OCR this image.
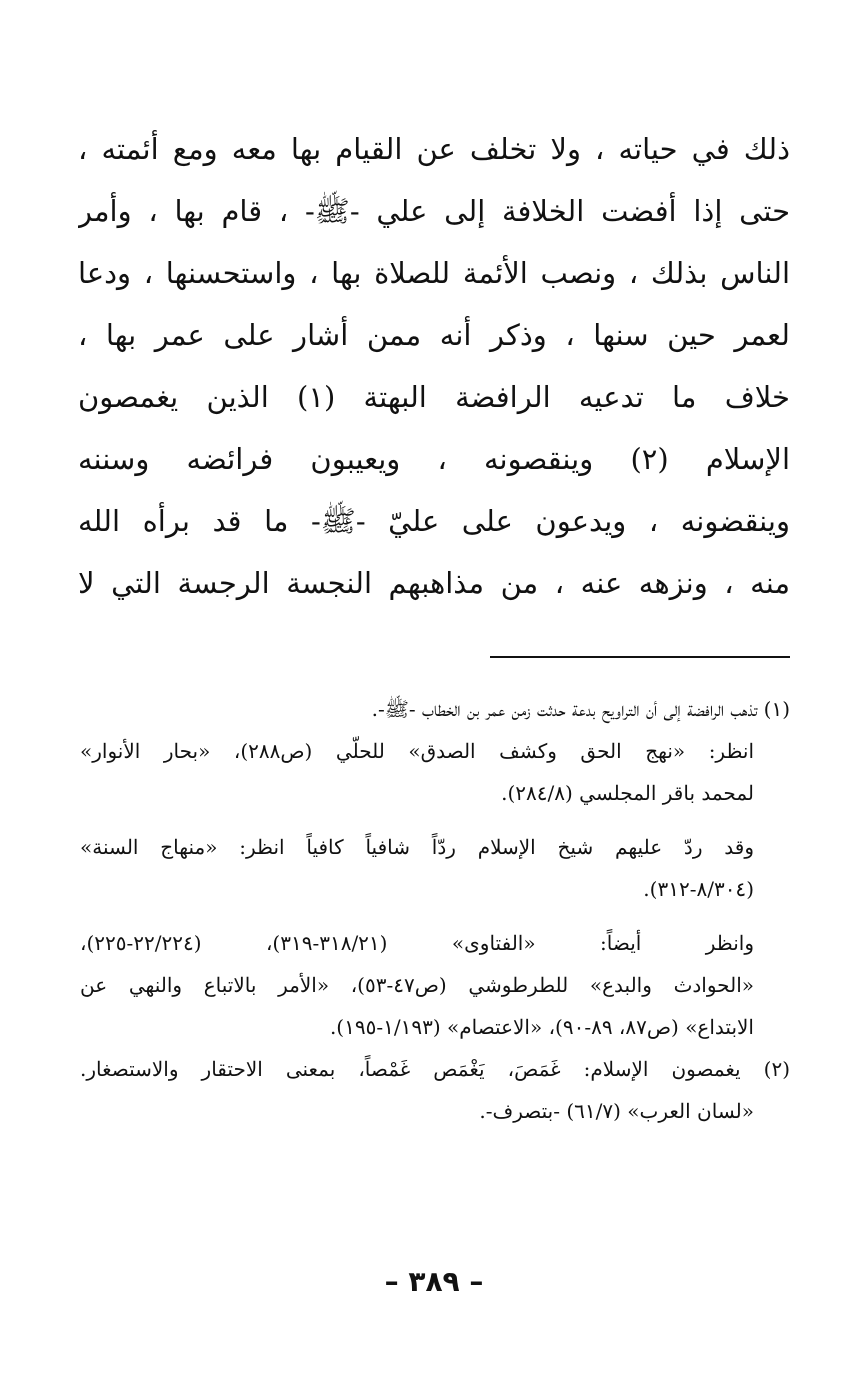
ذلك في حياته ، ولا تخلف عن القيام بها معه ومع أئمته ،
حتى إذا أفضت الخلافة إلى علي -ﷺ- ، قام بها ، وأمر
الناس بذلك ، ونصب الأئمة للصلاة بها ، واستحسنها ، ودعا
لعمر حين سنها ، وذكر أنه ممن أشار على عمر بها ،
خلاف ما تدعيه الرافضة البهتة (١) الذين يغمصون
الإسلام (٢) وينقصونه ، ويعيبون فرائضه وسننه
وينقضونه ، ويدعون على عليّ -ﷺ- ما قد برأه الله
منه ، ونزهه عنه ، من مذاهبهم النجسة الرجسة التي لا
(١) تذهب الرافضة إلى أن التراويح بدعة حدثت زمن عمر بن الخطاب -ﷺ-.
انظر: «نهج الحق وكشف الصدق» للحلّي (ص٢٨٨)، «بحار الأنوار»
لمحمد باقر المجلسي (٢٨٤/٨).
وقد ردّ عليهم شيخ الإسلام ردّاً شافياً كافياً انظر: «منهاج السنة»
(٨/٣٠٤-٣١٢).
وانظر أيضاً: «الفتاوى» (٣١٨/٢١-٣١٩)، (٢٢/٢٢٤-٢٢٥)،
«الحوادث والبدع» للطرطوشي (ص٤٧-٥٣)، «الأمر بالاتباع والنهي عن
الابتداع» (ص٨٧، ٨٩-٩٠)، «الاعتصام» (١/١٩٣-١٩٥).
(٢) يغمصون الإسلام: غَمَصَ، يَغْمَص غَمْصاً، بمعنى الاحتقار والاستصغار.
«لسان العرب» (٦١/٧) -بتصرف-.
– ٣٨٩ –
